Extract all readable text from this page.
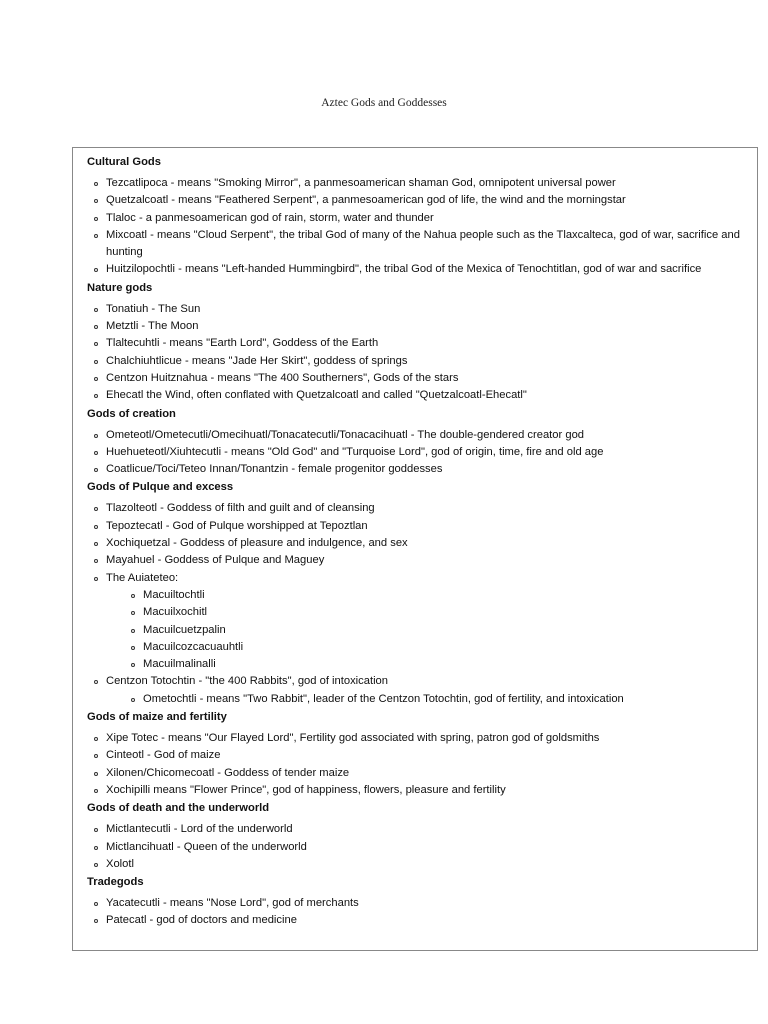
Aztec Gods and Goddesses
Cultural Gods
Tezcatlipoca - means "Smoking Mirror", a panmesoamerican shaman God, omnipotent universal power
Quetzalcoatl - means "Feathered Serpent", a panmesoamerican god of life, the wind and the morningstar
Tlaloc - a panmesoamerican god of rain, storm, water and thunder
Mixcoatl - means "Cloud Serpent", the tribal God of many of the Nahua people such as the Tlaxcalteca, god of war, sacrifice and hunting
Huitzilopochtli - means "Left-handed Hummingbird", the tribal God of the Mexica of Tenochtitlan, god of war and sacrifice
Nature gods
Tonatiuh - The Sun
Metztli - The Moon
Tlaltecuhtli - means "Earth Lord", Goddess of the Earth
Chalchiuhtlicue - means "Jade Her Skirt", goddess of springs
Centzon Huitznahua - means "The 400 Southerners", Gods of the stars
Ehecatl the Wind, often conflated with Quetzalcoatl and called "Quetzalcoatl-Ehecatl"
Gods of creation
Ometeotl/Ometecutli/Omecihuatl/Tonacatecutli/Tonacacihuatl - The double-gendered creator god
Huehueteotl/Xiuhtecutli - means "Old God" and "Turquoise Lord", god of origin, time, fire and old age
Coatlicue/Toci/Teteo Innan/Tonantzin - female progenitor goddesses
Gods of Pulque and excess
Tlazolteotl - Goddess of filth and guilt and of cleansing
Tepoztecatl - God of Pulque worshipped at Tepoztlan
Xochiquetzal - Goddess of pleasure and indulgence, and sex
Mayahuel - Goddess of Pulque and Maguey
The Auiateteo:
Macuiltochtli
Macuilxochitl
Macuilcuetzpalin
Macuilcozcacuauhtli
Macuilmalinalli
Centzon Totochtin - "the 400 Rabbits", god of intoxication
Ometochtli - means "Two Rabbit", leader of the Centzon Totochtin, god of fertility, and intoxication
Gods of maize and fertility
Xipe Totec - means "Our Flayed Lord", Fertility god associated with spring, patron god of goldsmiths
Cinteotl - God of maize
Xilonen/Chicomecoatl - Goddess of tender maize
Xochipilli means "Flower Prince", god of happiness, flowers, pleasure and fertility
Gods of death and the underworld
Mictlantecutli - Lord of the underworld
Mictlancihuatl - Queen of the underworld
Xolotl
Tradegods
Yacatecutli - means "Nose Lord", god of merchants
Patecatl - god of doctors and medicine
